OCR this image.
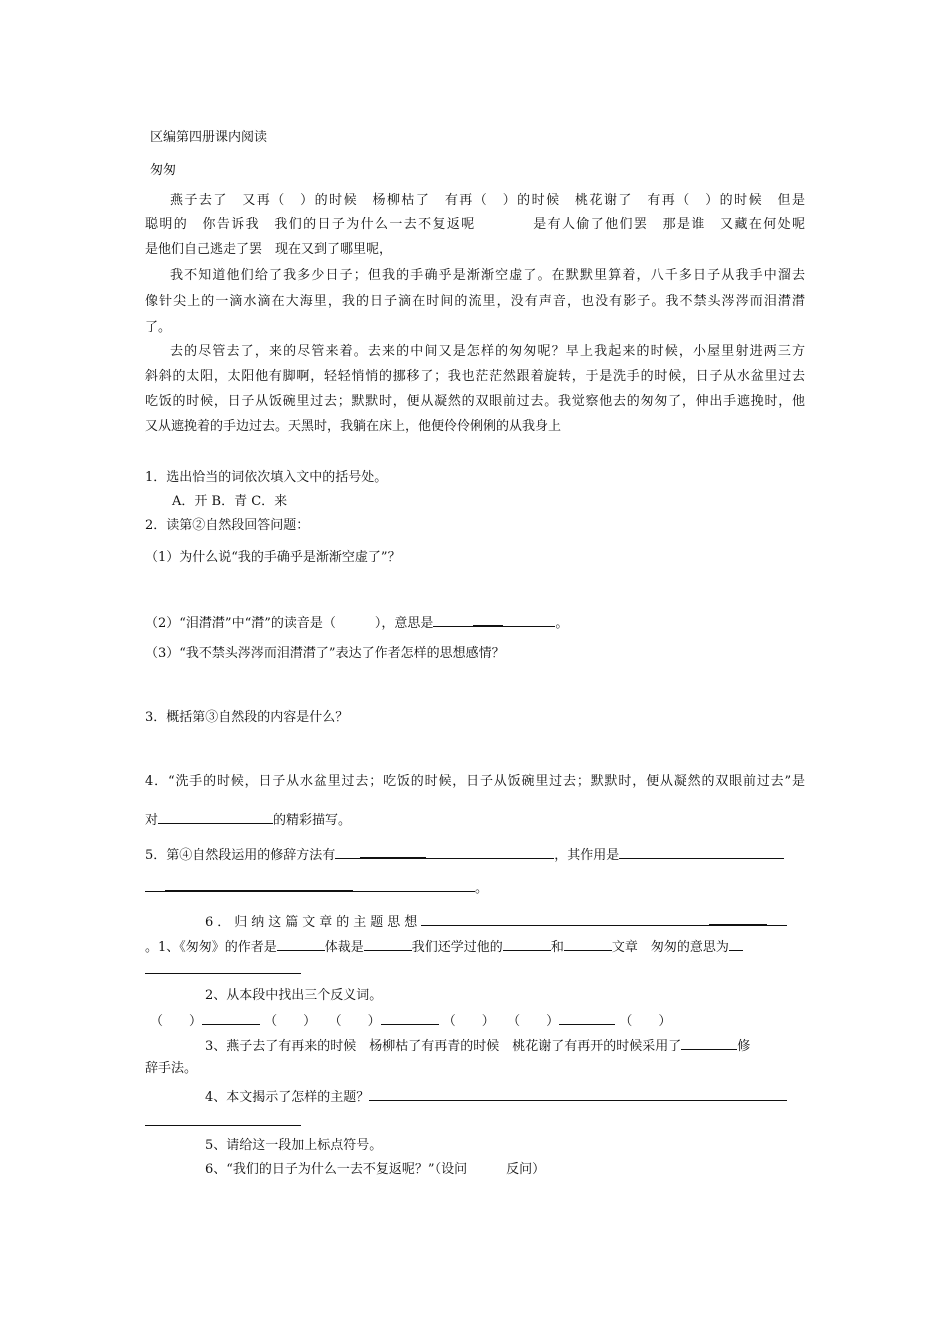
区编第四册课内阅读
匆匆
燕子去了　又再（　）的时候　杨柳枯了　有再（　）的时候　桃花谢了　有再（　）的时候　但是
聪明的　你告诉我　我们的日子为什么一去不复返呢　　　　是有人偷了他们罢　那是谁　又藏在何处呢
是他们自己逃走了罢　现在又到了哪里呢，
我不知道他们给了我多少日子；但我的手确乎是渐渐空虚了。在默默里算着，八千多日子从我手中溜去
像针尖上的一滴水滴在大海里，我的日子滴在时间的流里，没有声音，也没有影子。我不禁头涔涔而泪潸潸
了。
去的尽管去了，来的尽管来着。去来的中间又是怎样的匆匆呢？早上我起来的时候，小屋里射进两三方
斜斜的太阳，太阳他有脚啊，轻轻悄悄的挪移了；我也茫茫然跟着旋转，于是洗手的时候，日子从水盆里过去
吃饭的时候，日子从饭碗里过去；默默时，便从凝然的双眼前过去。我觉察他去的匆匆了，伸出手遮挽时，他
又从遮挽着的手边过去。天黑时，我躺在床上，他便伶伶俐俐的从我身上
1．选出恰当的词依次填入文中的括号处。
A．开 B．青 C．来
2．读第②自然段回答问题：
（1）为什么说“我的手确乎是渐渐空虚了”？
（2）“泪潸潸”中“潸”的读音是（　　　），意思是	。
（3）“我不禁头涔涔而泪潸潸了”表达了作者怎样的思想感情？
3．概括第③自然段的内容是什么？
4．“洗手的时候，日子从水盆里过去；吃饭的时候，日子从饭碗里过去；默默时，便从凝然的双眼前过去”是
对	的精彩描写。
5．第④自然段运用的修辞方法有	，其作用是
。
6．归纳这篇文章的主题思想
。1、《匆匆》的作者是	体裁是	我们还学过他的	和	文章　匆匆的意思为
2、从本段中找出三个反义词。
（　　）	（　　） （　　）	（　　） （　　）	（　　）
3、燕子去了有再来的时候　杨柳枯了有再青的时候　桃花谢了有再开的时候采用了	修
辞手法。
4、本文揭示了怎样的主题？
5、请给这一段加上标点符号。
6、“我们的日子为什么一去不复返呢？”（设问　　　反问）
